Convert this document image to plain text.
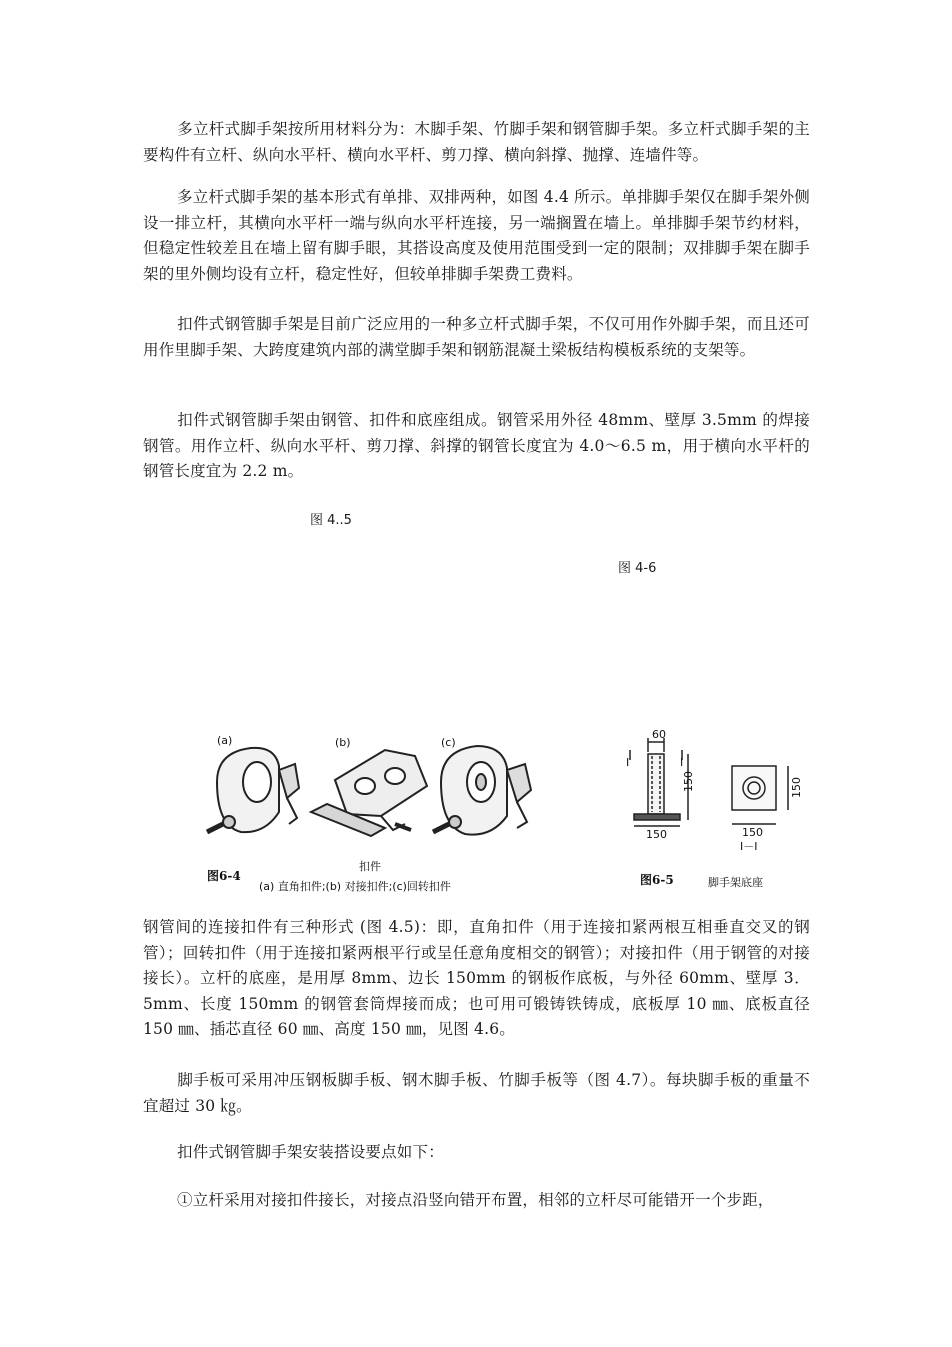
多立杆式脚手架按所用材料分为：木脚手架、竹脚手架和钢管脚手架。多立杆式脚手架的主要构件有立杆、纵向水平杆、横向水平杆、剪刀撑、横向斜撑、抛撑、连墙件等。

多立杆式脚手架的基本形式有单排、双排两种，如图 4.4 所示。单排脚手架仅在脚手架外侧设一排立杆，其横向水平杆一端与纵向水平杆连接，另一端搁置在墙上。单排脚手架节约材料，但稳定性较差且在墙上留有脚手眼，其搭设高度及使用范围受到一定的限制；双排脚手架在脚手架的里外侧均设有立杆，稳定性好，但较单排脚手架费工费料。

扣件式钢管脚手架是目前广泛应用的一种多立杆式脚手架，不仅可用作外脚手架，而且还可用作里脚手架、大跨度建筑内部的满堂脚手架和钢筋混凝土梁板结构模板系统的支架等。

扣件式钢管脚手架由钢管、扣件和底座组成。钢管采用外径 48mm、壁厚 3.5mm 的焊接钢管。用作立杆、纵向水平杆、剪刀撑、斜撑的钢管长度宜为 4.0～6.5 m，用于横向水平杆的钢管长度宜为 2.2 m。

图 4..5
图 4-6
(a)	(b)	(c)
扣件
图6-4
(a) 直角扣件;(b) 对接扣件;(c)回转扣件
60
150
150	150
150
I	I
I－I
图6-5	脚手架底座

钢管间的连接扣件有三种形式 (图 4.5)：即，直角扣件（用于连接扣紧两根互相垂直交叉的钢管）；回转扣件（用于连接扣紧两根平行或呈任意角度相交的钢管）；对接扣件（用于钢管的对接接长）。立杆的底座，是用厚 8mm、边长 150mm 的钢板作底板，与外径 60mm、壁厚 3．5mm、长度 150mm 的钢管套筒焊接而成；也可用可锻铸铁铸成，底板厚 10 ㎜、底板直径 150 ㎜、插芯直径 60 ㎜、高度 150 ㎜，见图 4.6。

脚手板可采用冲压钢板脚手板、钢木脚手板、竹脚手板等（图 4.7）。每块脚手板的重量不宜超过 30 ㎏。

扣件式钢管脚手架安装搭设要点如下：

①立杆采用对接扣件接长，对接点沿竖向错开布置，相邻的立杆尽可能错开一个步距，
